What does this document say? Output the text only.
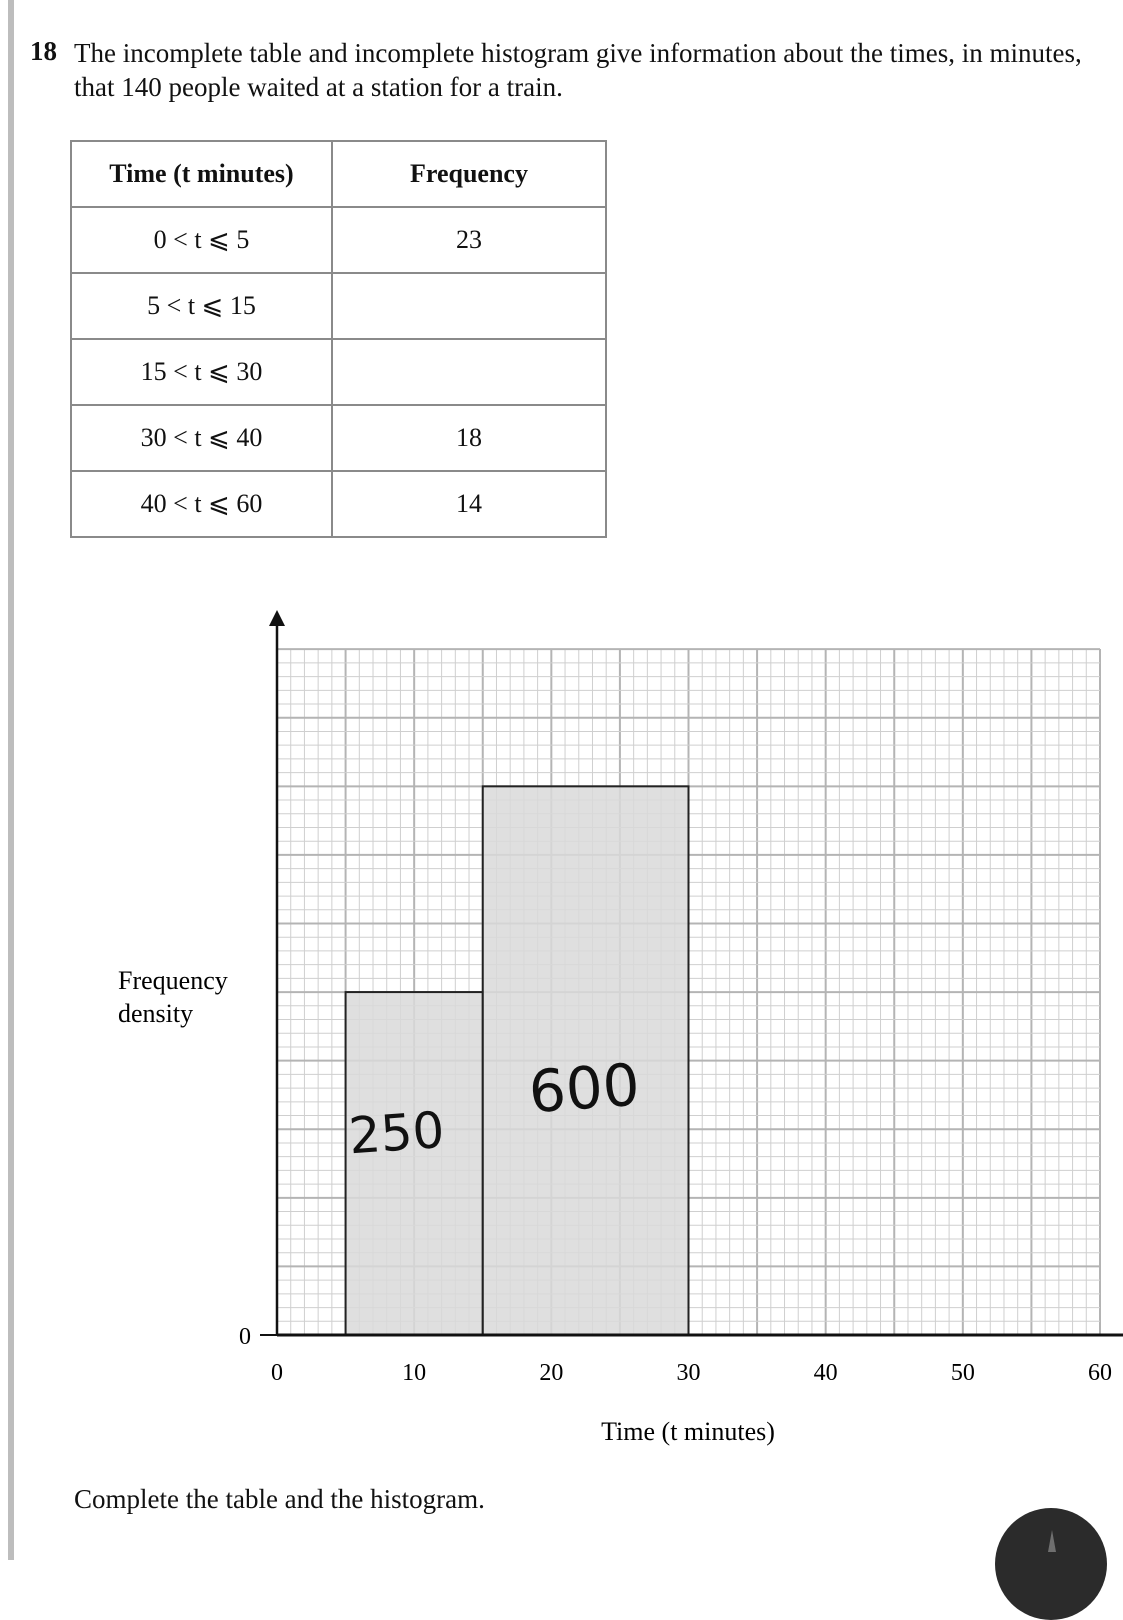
18 The incomplete table and incomplete histogram give information about the times, in minutes, that 140 people waited at a station for a train.
Time (t minutes)	Frequency
0 < t ⩽ 5	23
5 < t ⩽ 15	
15 < t ⩽ 30	
30 < t ⩽ 40	18
40 < t ⩽ 60	14
Frequency
density
Time (t minutes)
0
0	10	20	30	40	50	60
250
600
Complete the table and the histogram.
